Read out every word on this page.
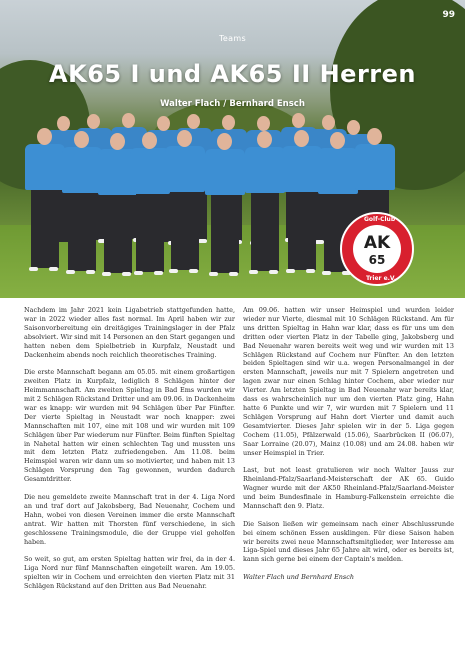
99
Teams
AK65 I und AK65 II Herren
Walter Flach / Bernhard Ensch
Golf-Club
Trier e.V.
AK
65

Nachdem im Jahr 2021 kein Ligabetrieb stattgefunden hatte, war in 2022 wieder alles fast normal. Im April haben wir zur Saisonvorbereitung ein dreitägiges Trainingslager in der Pfalz absolviert. Wir sind mit 14 Personen an den Start gegangen und hatten neben dem Spielbetrieb in Kurpfalz, Neustadt und Dackenheim abends noch reichlich theoretisches Training.

Die erste Mannschaft begann am 05.05. mit einem großartigen zweiten Platz in Kurpfalz, lediglich 8 Schlägen hinter der Heimmannschaft. Am zweiten Spieltag in Bad Ems wurden wir mit 2 Schlägen Rückstand Dritter und am 09.06. in Dackenheim war es knapp: wir wurden mit 94 Schlägen über Par Fünfter. Der vierte Spieltag in Neustadt war noch knapper: zwei Mannschaften mit 107, eine mit 108 und wir wurden mit 109 Schlägen über Par wiederum nur Fünfter. Beim fünften Spieltag in Nahetal hatten wir einen schlechten Tag und mussten uns mit dem letzten Platz zufriedengeben. Am 11.08. beim Heimspiel waren wir dann um so motivierter, und haben mit 13 Schlägen Vorsprung den Tag gewonnen, wurden dadurch Gesamtdritter.

Die neu gemeldete zweite Mannschaft trat in der 4. Liga Nord an und traf dort auf Jakobsberg, Bad Neuenahr, Cochem und Hahn, wobei von diesen Vereinen immer die erste Mannschaft antrat. Wir hatten mit Thorsten fünf verschiedene, in sich geschlossene Trainingsmodule, die der Gruppe viel geholfen haben.

So weit, so gut, am ersten Spieltag hatten wir frei, da in der 4. Liga Nord nur fünf Mannschaften eingeteilt waren. Am 19.05. spielten wir in Cochem und erreichten den vierten Platz mit 31 Schlägen Rückstand auf den Dritten aus Bad Neuenahr.

Am 09.06. hatten wir unser Heimspiel und wurden leider wieder nur Vierte, diesmal mit 10 Schlägen Rückstand. Am für uns dritten Spieltag in Hahn war klar, dass es für uns um den dritten oder vierten Platz in der Tabelle ging, Jakobsberg und Bad Neuenahr waren bereits weit weg und wir wurden mit 13 Schlägen Rückstand auf Cochem nur Fünfter. An den letzten beiden Spieltagen sind wir u.a. wegen Personalmangel in der ersten Mannschaft, jeweils nur mit 7 Spielern angetreten und lagen zwar nur einen Schlag hinter Cochem, aber wieder nur Vierter. Am letzten Spieltag in Bad Neuenahr war bereits klar, dass es wahrscheinlich nur um den vierten Platz ging, Hahn hatte 6 Punkte und wir 7, wir wurden mit 7 Spielern und 11 Schlägen Vorsprung auf Hahn dort Vierter und damit auch Gesamtvierter. Dieses Jahr spielen wir in der 5. Liga gegen Cochem (11.05), Pfälzerwald (15.06), Saarbrücken II (06.07), Saar Lorraine (20.07), Mainz (10.08) und am 24.08. haben wir unser Heimspiel in Trier.

Last, but not least gratulieren wir noch Walter Jauss zur Rheinland-Pfalz/Saarland-Meisterschaft der AK 65. Guido Wagner wurde mit der AK50 Rheinland-Pfalz/Saarland-Meister und beim Bundesfinale in Hamburg-Falkenstein erreichte die Mannschaft den 9. Platz.

Die Saison ließen wir gemeinsam nach einer Abschlussrunde bei einem schönen Essen ausklingen. Für diese Saison haben wir bereits zwei neue Mannschaftsmitglieder, wer Interesse am Liga-Spiel und dieses Jahr 65 Jahre alt wird, oder es bereits ist, kann sich gerne bei einem der Captain's melden.

Walter Flach und Bernhard Ensch
